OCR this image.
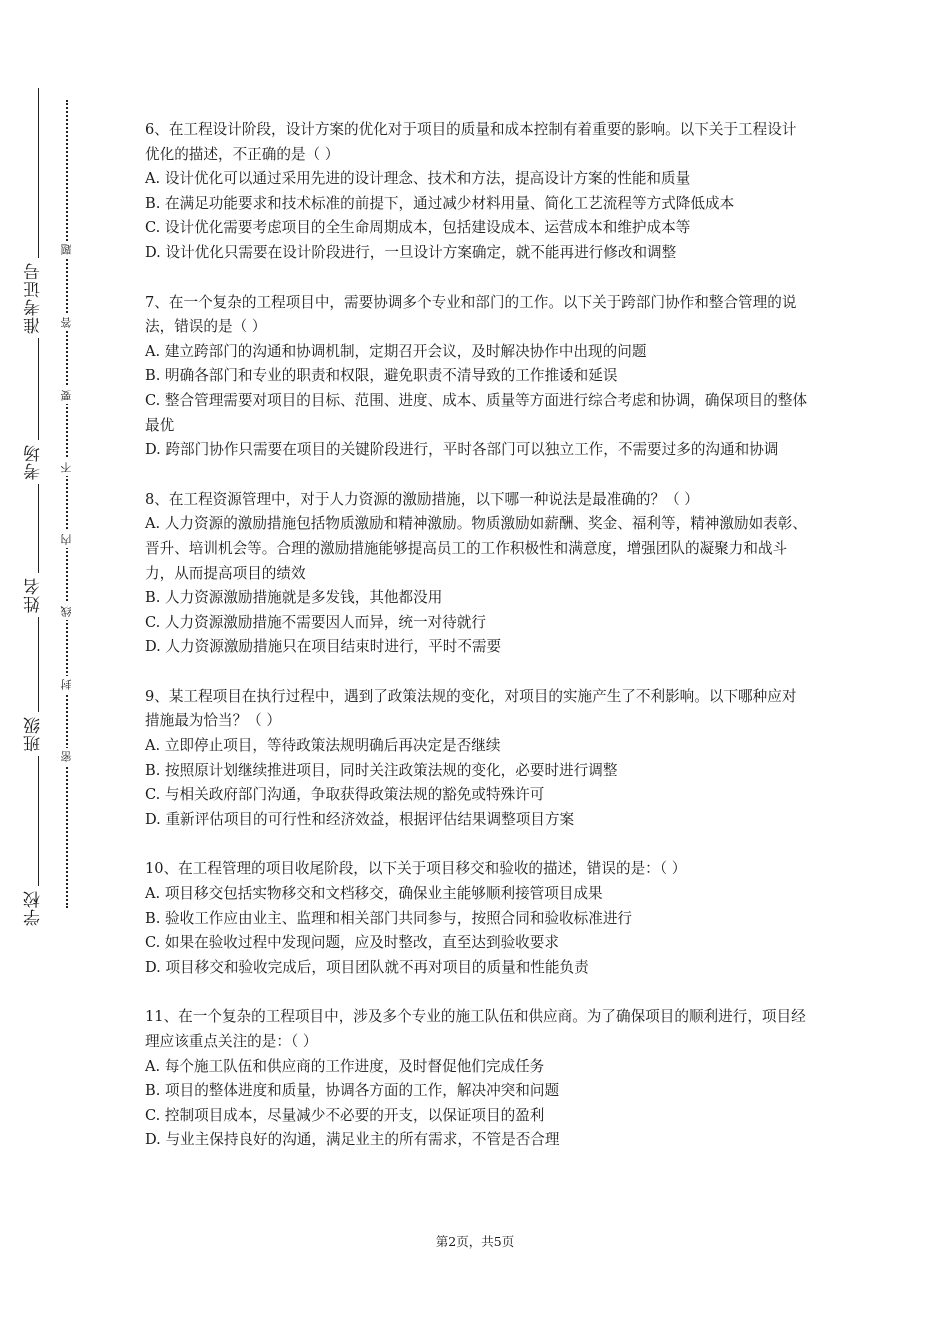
准考证号
考场
姓名
班级
学校
题
答
要
不
内
线
封
密

6、在工程设计阶段，设计方案的优化对于项目的质量和成本控制有着重要的影响。以下关于工程设计优化的描述，不正确的是（ ）

A. 设计优化可以通过采用先进的设计理念、技术和方法，提高设计方案的性能和质量

B. 在满足功能要求和技术标准的前提下，通过减少材料用量、简化工艺流程等方式降低成本

C. 设计优化需要考虑项目的全生命周期成本，包括建设成本、运营成本和维护成本等

D. 设计优化只需要在设计阶段进行，一旦设计方案确定，就不能再进行修改和调整

7、在一个复杂的工程项目中，需要协调多个专业和部门的工作。以下关于跨部门协作和整合管理的说法，错误的是（ ）

A. 建立跨部门的沟通和协调机制，定期召开会议，及时解决协作中出现的问题

B. 明确各部门和专业的职责和权限，避免职责不清导致的工作推诿和延误

C. 整合管理需要对项目的目标、范围、进度、成本、质量等方面进行综合考虑和协调，确保项目的整体最优

D. 跨部门协作只需要在项目的关键阶段进行，平时各部门可以独立工作，不需要过多的沟通和协调

8、在工程资源管理中，对于人力资源的激励措施，以下哪一种说法是最准确的？（ ）

A. 人力资源的激励措施包括物质激励和精神激励。物质激励如薪酬、奖金、福利等，精神激励如表彰、晋升、培训机会等。合理的激励措施能够提高员工的工作积极性和满意度，增强团队的凝聚力和战斗力，从而提高项目的绩效

B. 人力资源激励措施就是多发钱，其他都没用

C. 人力资源激励措施不需要因人而异，统一对待就行

D. 人力资源激励措施只在项目结束时进行，平时不需要

9、某工程项目在执行过程中，遇到了政策法规的变化，对项目的实施产生了不利影响。以下哪种应对措施最为恰当？（ ）

A. 立即停止项目，等待政策法规明确后再决定是否继续

B. 按照原计划继续推进项目，同时关注政策法规的变化，必要时进行调整

C. 与相关政府部门沟通，争取获得政策法规的豁免或特殊许可

D. 重新评估项目的可行性和经济效益，根据评估结果调整项目方案

10、在工程管理的项目收尾阶段，以下关于项目移交和验收的描述，错误的是：（ ）

A. 项目移交包括实物移交和文档移交，确保业主能够顺利接管项目成果

B. 验收工作应由业主、监理和相关部门共同参与，按照合同和验收标准进行

C. 如果在验收过程中发现问题，应及时整改，直至达到验收要求

D. 项目移交和验收完成后，项目团队就不再对项目的质量和性能负责

11、在一个复杂的工程项目中，涉及多个专业的施工队伍和供应商。为了确保项目的顺利进行，项目经理应该重点关注的是：（ ）

A. 每个施工队伍和供应商的工作进度，及时督促他们完成任务

B. 项目的整体进度和质量，协调各方面的工作，解决冲突和问题

C. 控制项目成本，尽量减少不必要的开支，以保证项目的盈利

D. 与业主保持良好的沟通，满足业主的所有需求，不管是否合理

第2页，共5页
